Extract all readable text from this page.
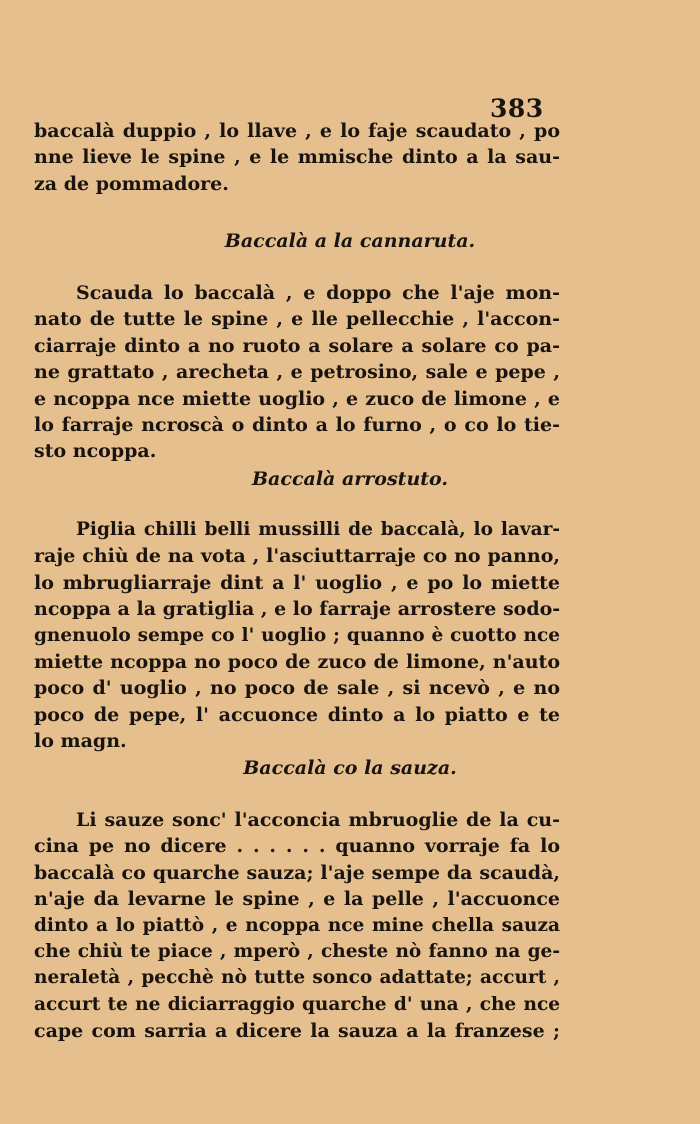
383
baccalà duppio , lo llave , e lo faje scaudato , po
nne lieve le spine , e le mmische dinto a la sau-
za de pommadore.
Baccalà a la cannaruta.
Scauda lo baccalà , e doppo che l'aje mon-
nato de tutte le spine , e lle pellecchie , l'accon-
ciarraje dinto a no ruoto a solare a solare co pa-
ne grattato , arecheta , e petrosino, sale e pepe ,
e ncoppa nce miette uoglio , e zuco de limone , e
lo farraje ncroscà o dinto a lo furno , o co lo tie-
sto ncoppa.
Baccalà arrostuto.
Piglia chilli belli mussilli de baccalà, lo lavar-
raje chiù de na vota , l'asciuttarraje co no panno,
lo mbrugliarraje dint a l' uoglio , e po lo miette
ncoppa a la gratiglia , e lo farraje arrostere sodo-
gnenuolo sempe co l' uoglio ; quanno è cuotto nce
miette ncoppa no poco de zuco de limone, n'auto
poco d' uoglio , no poco de sale , si ncevò , e no
poco de pepe, l' accuonce dinto a lo piatto e te
lo magn.
Baccalà co la sauza.
Li sauze sonc' l'acconcia mbruoglie de la cu-
cina pe no dicere . . . . . . quanno vorraje fa lo
baccalà co quarche sauza; l'aje sempe da scaudà,
n'aje da levarne le spine , e la pelle , l'accuonce
dinto a lo piattò , e ncoppa nce mine chella sauza
che chiù te piace , mperò , cheste nò fanno na ge-
neraletà , pecchè nò tutte sonco adattate; accurt ,
accurt te ne diciarraggio quarche d' una , che nce
cape com sarria a dicere la sauza a la franzese ;
